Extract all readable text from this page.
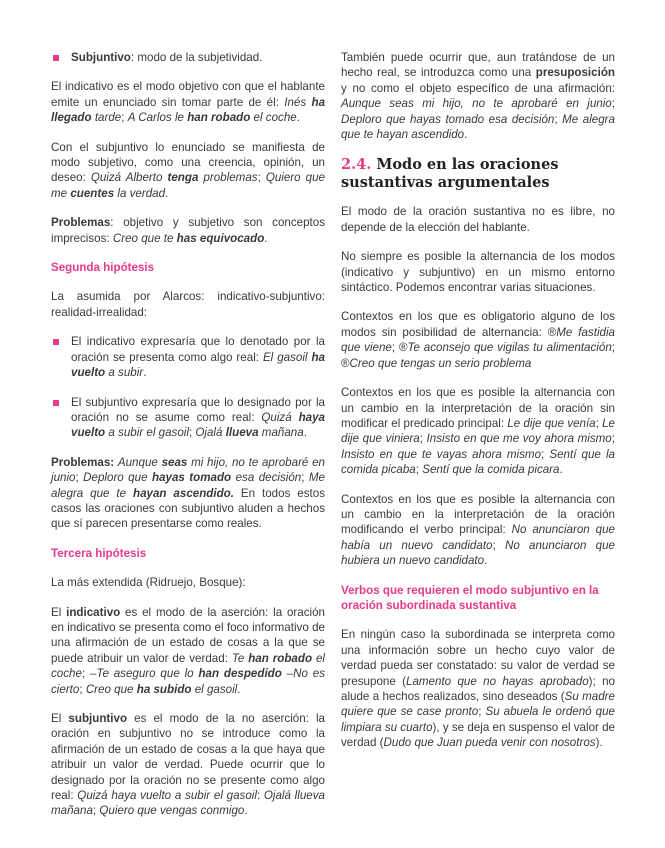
Subjuntivo: modo de la subjetividad.

El indicativo es el modo objetivo con que el hablante emite un enunciado sin tomar parte de él: Inés ha llegado tarde; A Carlos le han robado el coche.

Con el subjuntivo lo enunciado se manifiesta de modo subjetivo, como una creencia, opinión, un deseo: Quizá Alberto tenga problemas; Quiero que me cuentes la verdad.

Problemas: objetivo y subjetivo son conceptos imprecisos: Creo que te has equivocado.

Segunda hipótesis

La asumida por Alarcos: indicativo-subjuntivo: realidad-irrealidad:

El indicativo expresaría que lo denotado por la oración se presenta como algo real: El gasoil ha vuelto a subir.
El subjuntivo expresaría que lo designado por la oración no se asume como real: Quizá haya vuelto a subir el gasoil; Ojalá llueva mañana.

Problemas: Aunque seas mi hijo, no te aprobaré en junio; Deploro que hayas tomado esa decisión; Me alegra que te hayan ascendido. En todos estos casos las oraciones con subjuntivo aluden a hechos que sí parecen presentarse como reales.

Tercera hipótesis

La más extendida (Ridruejo, Bosque):

El indicativo es el modo de la aserción: la oración en indicativo se presenta como el foco informativo de una afirmación de un estado de cosas a la que se puede atribuir un valor de verdad: Te han robado el coche; –Te aseguro que lo han despedido –No es cierto; Creo que ha subido el gasoil.

El subjuntivo es el modo de la no aserción: la oración en subjuntivo no se introduce como la afirmación de un estado de cosas a la que haya que atribuir un valor de verdad. Puede ocurrir que lo designado por la oración no se presente como algo real: Quizá haya vuelto a subir el gasoil: Ojalá llueva mañana; Quiero que vengas conmigo.

También puede ocurrir que, aun tratándose de un hecho real, se introduzca como una presuposición y no como el objeto específico de una afirmación: Aunque seas mi hijo, no te aprobaré en junio; Deploro que hayas tomado esa decisión; Me alegra que te hayan ascendido.

2.4. Modo en las oraciones sustantivas argumentales

El modo de la oración sustantiva no es libre, no depende de la elección del hablante.

No siempre es posible la alternancia de los modos (indicativo y subjuntivo) en un mismo entorno sintáctico. Podemos encontrar varias situaciones.

Contextos en los que es obligatorio alguno de los modos sin posibilidad de alternancia: ®Me fastidia que viene; ®Te aconsejo que vigilas tu alimentación; ®Creo que tengas un serio problema

Contextos en los que es posible la alternancia con un cambio en la interpretación de la oración sin modificar el predicado principal: Le dije que venía; Le dije que viniera; Insisto en que me voy ahora mismo; Insisto en que te vayas ahora mismo; Sentí que la comida picaba; Sentí que la comida picara.

Contextos en los que es posible la alternancia con un cambio en la interpretación de la oración modificando el verbo principal: No anunciaron que había un nuevo candidato; No anunciaron que hubiera un nuevo candidato.

Verbos que requieren el modo subjuntivo en la oración subordinada sustantiva

En ningún caso la subordinada se interpreta como una información sobre un hecho cuyo valor de verdad pueda ser constatado: su valor de verdad se presupone (Lamento que no hayas aprobado); no alude a hechos realizados, sino deseados (Su madre quiere que se case pronto; Su abuela le ordenó que limpiara su cuarto), y se deja en suspenso el valor de verdad (Dudo que Juan pueda venir con nosotros).
